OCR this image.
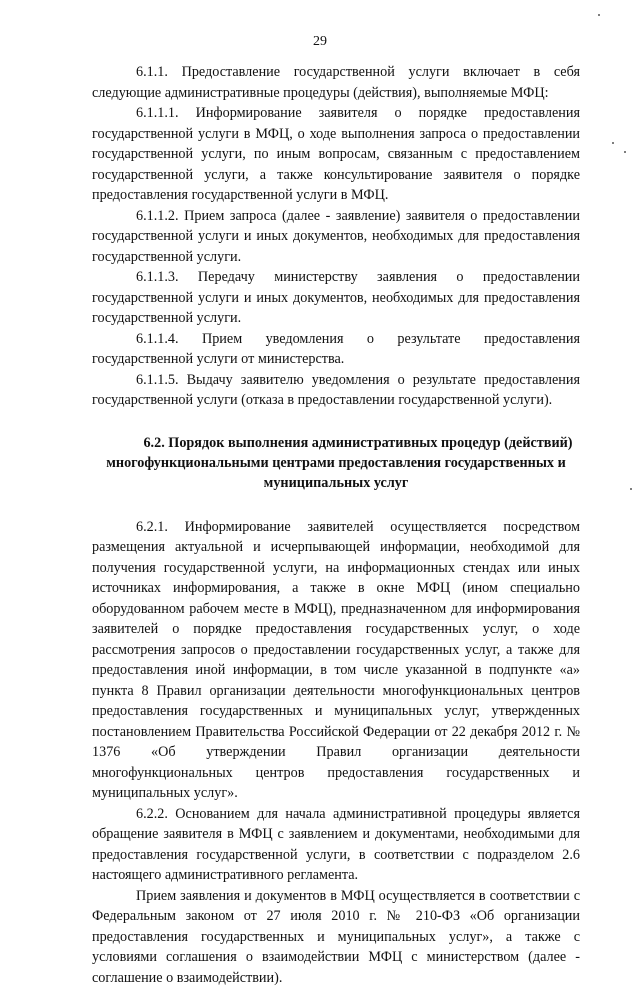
29

6.1.1. Предоставление государственной услуги включает в себя следующие административные процедуры (действия), выполняемые МФЦ:

6.1.1.1. Информирование заявителя о порядке предоставления государственной услуги в МФЦ, о ходе выполнения запроса о предоставлении государственной услуги, по иным вопросам, связанным с предоставлением государственной услуги, а также консультирование заявителя о порядке предоставления государственной услуги в МФЦ.

6.1.1.2. Прием запроса (далее - заявление) заявителя о предоставлении государственной услуги и иных документов, необходимых для предоставления государственной услуги.

6.1.1.3. Передачу министерству заявления о предоставлении государственной услуги и иных документов, необходимых для предоставления государственной услуги.

6.1.1.4. Прием уведомления о результате предоставления государственной услуги от министерства.

6.1.1.5. Выдачу заявителю уведомления о результате предоставления государственной услуги (отказа в предоставлении государственной услуги).

6.2. Порядок выполнения административных процедур (действий) многофункциональными центрами предоставления государственных и муниципальных услуг

6.2.1. Информирование заявителей осуществляется посредством размещения актуальной и исчерпывающей информации, необходимой для получения государственной услуги, на информационных стендах или иных источниках информирования, а также в окне МФЦ (ином специально оборудованном рабочем месте в МФЦ), предназначенном для информирования заявителей о порядке предоставления государственных услуг, о ходе рассмотрения запросов о предоставлении государственных услуг, а также для предоставления иной информации, в том числе указанной в подпункте «а» пункта 8 Правил организации деятельности многофункциональных центров предоставления государственных и муниципальных услуг, утвержденных постановлением Правительства Российской Федерации от 22 декабря 2012 г. № 1376 «Об утверждении Правил организации деятельности многофункциональных центров предоставления государственных и муниципальных услуг».

6.2.2. Основанием для начала административной процедуры является обращение заявителя в МФЦ с заявлением и документами, необходимыми для предоставления государственной услуги, в соответствии с подразделом 2.6 настоящего административного регламента.

Прием заявления и документов в МФЦ осуществляется в соответствии с Федеральным законом от 27 июля 2010 г. № 210-ФЗ «Об организации предоставления государственных и муниципальных услуг», а также с условиями соглашения о взаимодействии МФЦ с министерством (далее - соглашение о взаимодействии).
